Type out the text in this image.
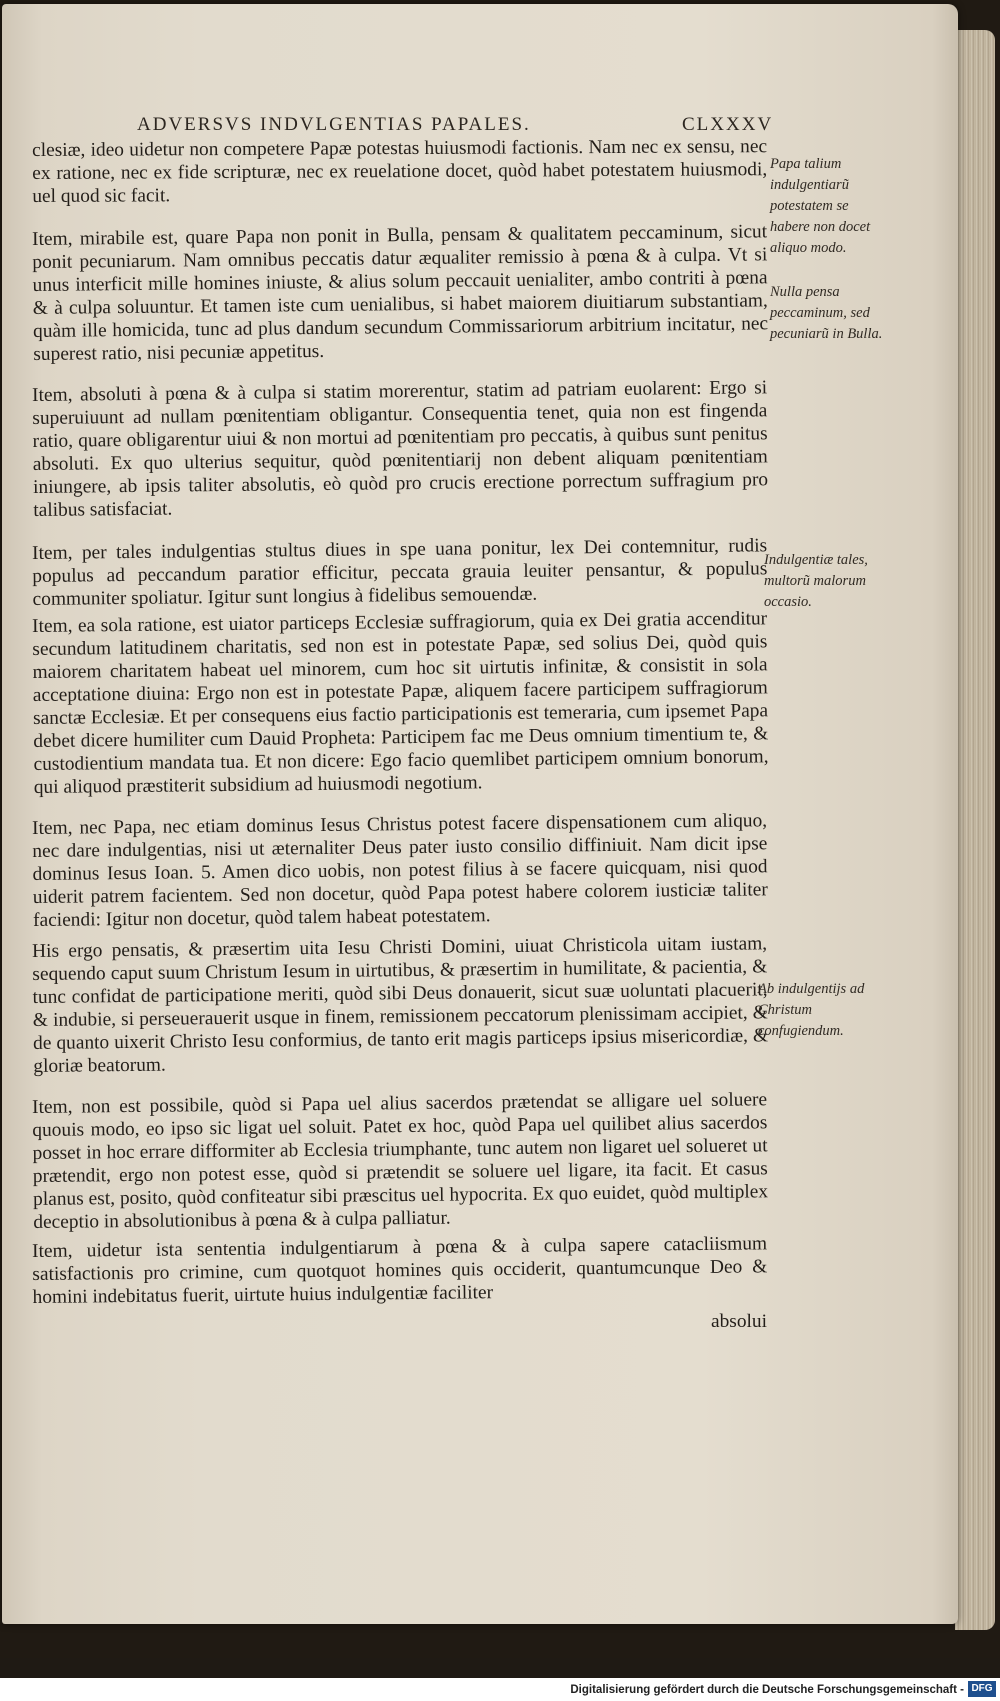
ADVERSVS INDVLGENTIAS PAPALES.	CLXXXV

clesiæ, ideo uidetur non competere Papæ potestas huiusmodi factionis. Nam nec ex sensu, nec ex ratione, nec ex fide scripturæ, nec ex reuelatione docet, quòd habet potestatem huiusmodi, uel quod sic facit.

Item, mirabile est, quare Papa non ponit in Bulla, pensam & qualitatem peccaminum, sicut ponit pecuniarum. Nam omnibus peccatis datur æqualiter remissio à pœna & à culpa. Vt si unus interficit mille homines iniuste, & alius solum peccauit uenialiter, ambo contriti à pœna & à culpa soluuntur. Et tamen iste cum uenialibus, si habet maiorem diuitiarum substantiam, quàm ille homicida, tunc ad plus dandum secundum Commissariorum arbitrium incitatur, nec superest ratio, nisi pecuniæ appetitus.

Item, absoluti à pœna & à culpa si statim morerentur, statim ad patriam euolarent: Ergo si superuiuunt ad nullam pœnitentiam obligantur. Consequentia tenet, quia non est fingenda ratio, quare obligarentur uiui & non mortui ad pœnitentiam pro peccatis, à quibus sunt penitus absoluti. Ex quo ulterius sequitur, quòd pœnitentiarij non debent aliquam pœnitentiam iniungere, ab ipsis taliter absolutis, eò quòd pro crucis erectione porrectum suffragium pro talibus satisfaciat.

Item, per tales indulgentias stultus diues in spe uana ponitur, lex Dei contemnitur, rudis populus ad peccandum paratior efficitur, peccata grauia leuiter pensantur, & populus communiter spoliatur. Igitur sunt longius à fidelibus semouendæ.

Item, ea sola ratione, est uiator particeps Ecclesiæ suffragiorum, quia ex Dei gratia accenditur secundum latitudinem charitatis, sed non est in potestate Papæ, sed solius Dei, quòd quis maiorem charitatem habeat uel minorem, cum hoc sit uirtutis infinitæ, & consistit in sola acceptatione diuina: Ergo non est in potestate Papæ, aliquem facere participem suffragiorum sanctæ Ecclesiæ. Et per consequens eius factio participationis est temeraria, cum ipsemet Papa debet dicere humiliter cum Dauid Propheta: Participem fac me Deus omnium timentium te, & custodientium mandata tua. Et non dicere: Ego facio quemlibet participem omnium bonorum, qui aliquod præstiterit subsidium ad huiusmodi negotium.

Item, nec Papa, nec etiam dominus Iesus Christus potest facere dispensationem cum aliquo, nec dare indulgentias, nisi ut æternaliter Deus pater iusto consilio diffiniuit. Nam dicit ipse dominus Iesus Ioan. 5. Amen dico uobis, non potest filius à se facere quicquam, nisi quod uiderit patrem facientem. Sed non docetur, quòd Papa potest habere colorem iusticiæ taliter faciendi: Igitur non docetur, quòd talem habeat potestatem.

His ergo pensatis, & præsertim uita Iesu Christi Domini, uiuat Christicola uitam iustam, sequendo caput suum Christum Iesum in uirtutibus, & præsertim in humilitate, & pacientia, & tunc confidat de participatione meriti, quòd sibi Deus donauerit, sicut suæ uoluntati placuerit, & indubie, si perseuerauerit usque in finem, remissionem peccatorum plenissimam accipiet, & de quanto uixerit Christo Iesu conformius, de tanto erit magis particeps ipsius misericordiæ, & gloriæ beatorum.

Item, non est possibile, quòd si Papa uel alius sacerdos prætendat se alligare uel soluere quouis modo, eo ipso sic ligat uel soluit. Patet ex hoc, quòd Papa uel quilibet alius sacerdos posset in hoc errare difformiter ab Ecclesia triumphante, tunc autem non ligaret uel solueret ut prætendit, ergo non potest esse, quòd si prætendit se soluere uel ligare, ita facit. Et casus planus est, posito, quòd confiteatur sibi præscitus uel hypocrita. Ex quo euidet, quòd multiplex deceptio in absolutionibus à pœna & à culpa palliatur.

Item, uidetur ista sententia indulgentiarum à pœna & à culpa sapere catacliismum satisfactionis pro crimine, cum quotquot homines quis occiderit, quantumcunque Deo & homini indebitatus fuerit, uirtute huius indulgentiæ faciliter

absolui
Papa talium indulgentiarũ potestatem se habere non docet aliquo modo.
Nulla pensa peccaminum, sed pecuniarũ in Bulla.
Indulgentiæ tales, multorũ malorum occasio.
Ab indulgentijs ad Christum confugiendum.
Digitalisierung gefördert durch die Deutsche Forschungsgemeinschaft - DFG
